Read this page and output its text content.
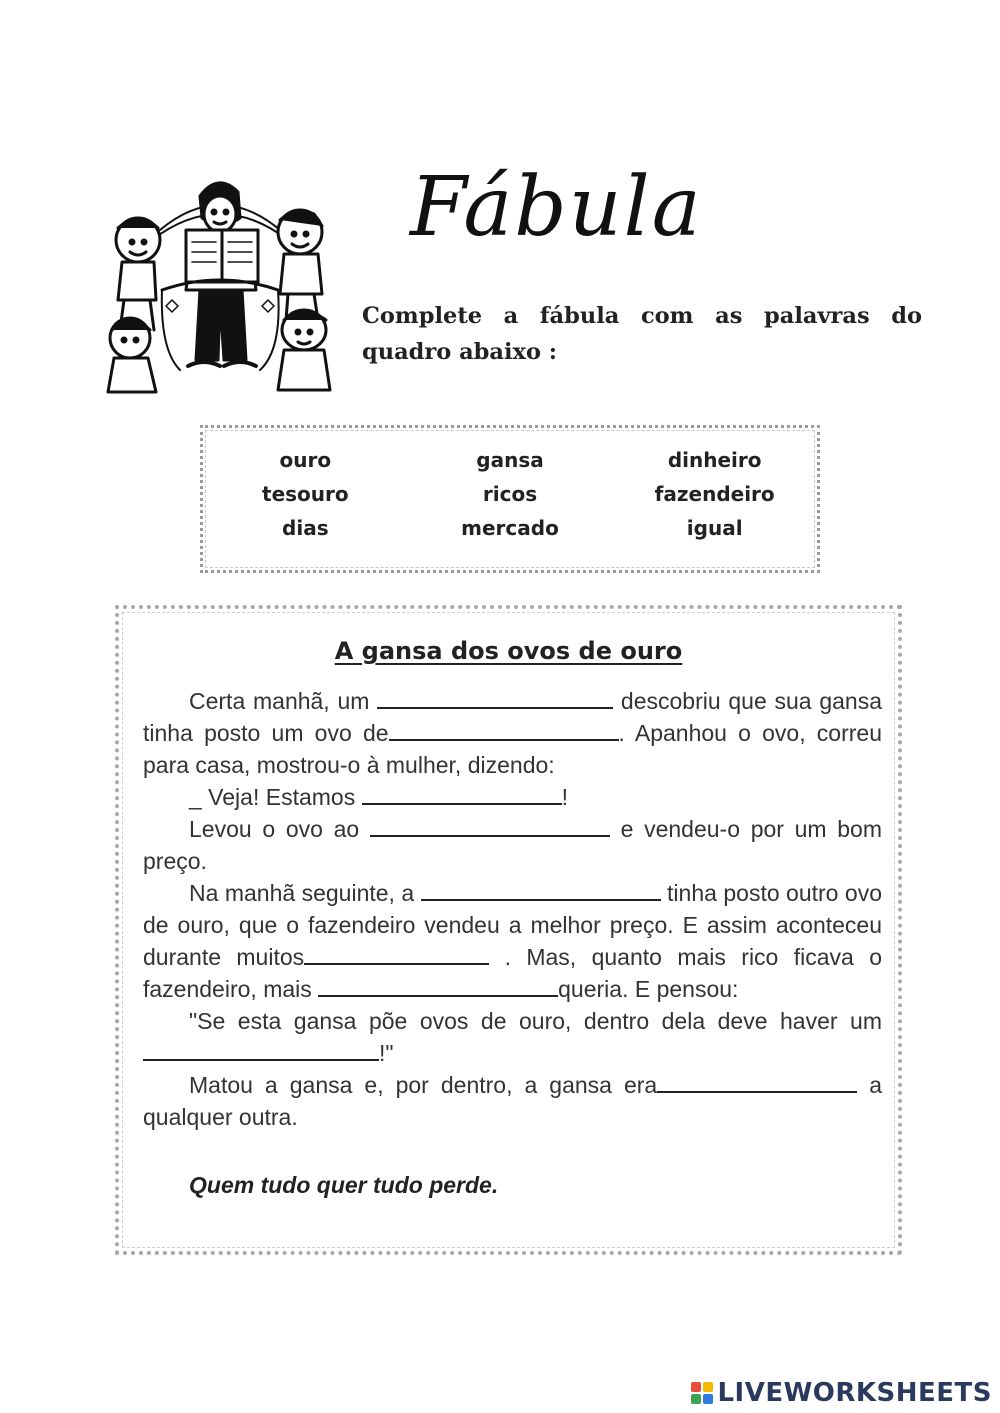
Fábula
Complete a fábula com as palavras do quadro abaixo :
ouro	gansa	dinheiro
tesouro	ricos	fazendeiro
dias	mercado	igual
A gansa dos ovos de ouro

Certa manhã, um	descobriu que sua gansa tinha posto um ovo de	. Apanhou o ovo, correu para casa, mostrou-o à mulher, dizendo:

_ Veja! Estamos	!

Levou o ovo ao	e vendeu-o por um bom preço.

Na manhã seguinte, a	tinha posto outro ovo de ouro, que o fazendeiro vendeu a melhor preço. E assim aconteceu durante muitos	. Mas, quanto mais rico ficava o fazendeiro, mais	queria. E pensou:

"Se esta gansa põe ovos de ouro, dentro dela deve haver um !"

Matou a gansa e, por dentro, a gansa era	a qualquer outra.

Quem tudo quer tudo perde.

LIVEWORKSHEETS
